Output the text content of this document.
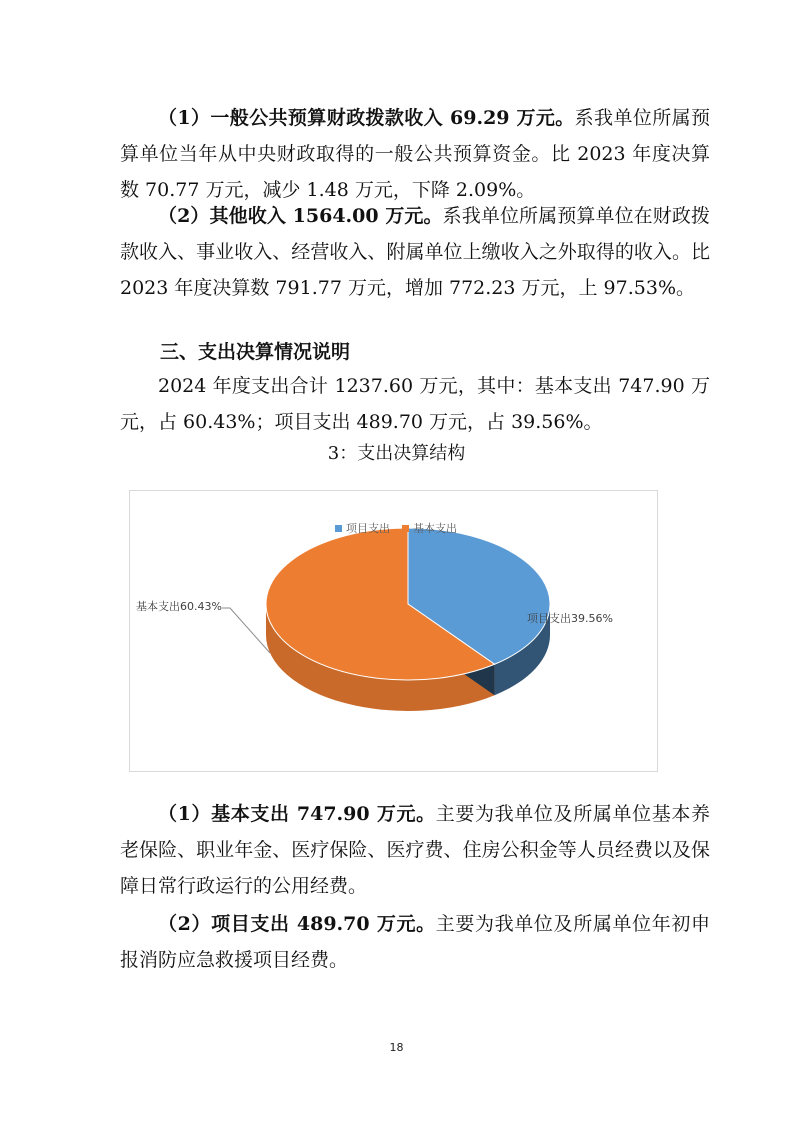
（1）一般公共预算财政拨款收入 69.29 万元。系我单位所属预算单位当年从中央财政取得的一般公共预算资金。比 2023 年度决算数 70.77 万元，减少 1.48 万元，下降 2.09%。

（2）其他收入 1564.00 万元。系我单位所属预算单位在财政拨款收入、事业收入、经营收入、附属单位上缴收入之外取得的收入。比 2023 年度决算数 791.77 万元，增加 772.23 万元，上 97.53%。

三、支出决算情况说明

2024 年度支出合计 1237.60 万元，其中：基本支出 747.90 万元，占 60.43%；项目支出 489.70 万元，占 39.56%。

3：支出决算结构
项目支出 基本支出
项目支出39.56%
基本支出60.43%

（1）基本支出 747.90 万元。主要为我单位及所属单位基本养老保险、职业年金、医疗保险、医疗费、住房公积金等人员经费以及保障日常行政运行的公用经费。

（2）项目支出 489.70 万元。主要为我单位及所属单位年初申报消防应急救援项目经费。

18
